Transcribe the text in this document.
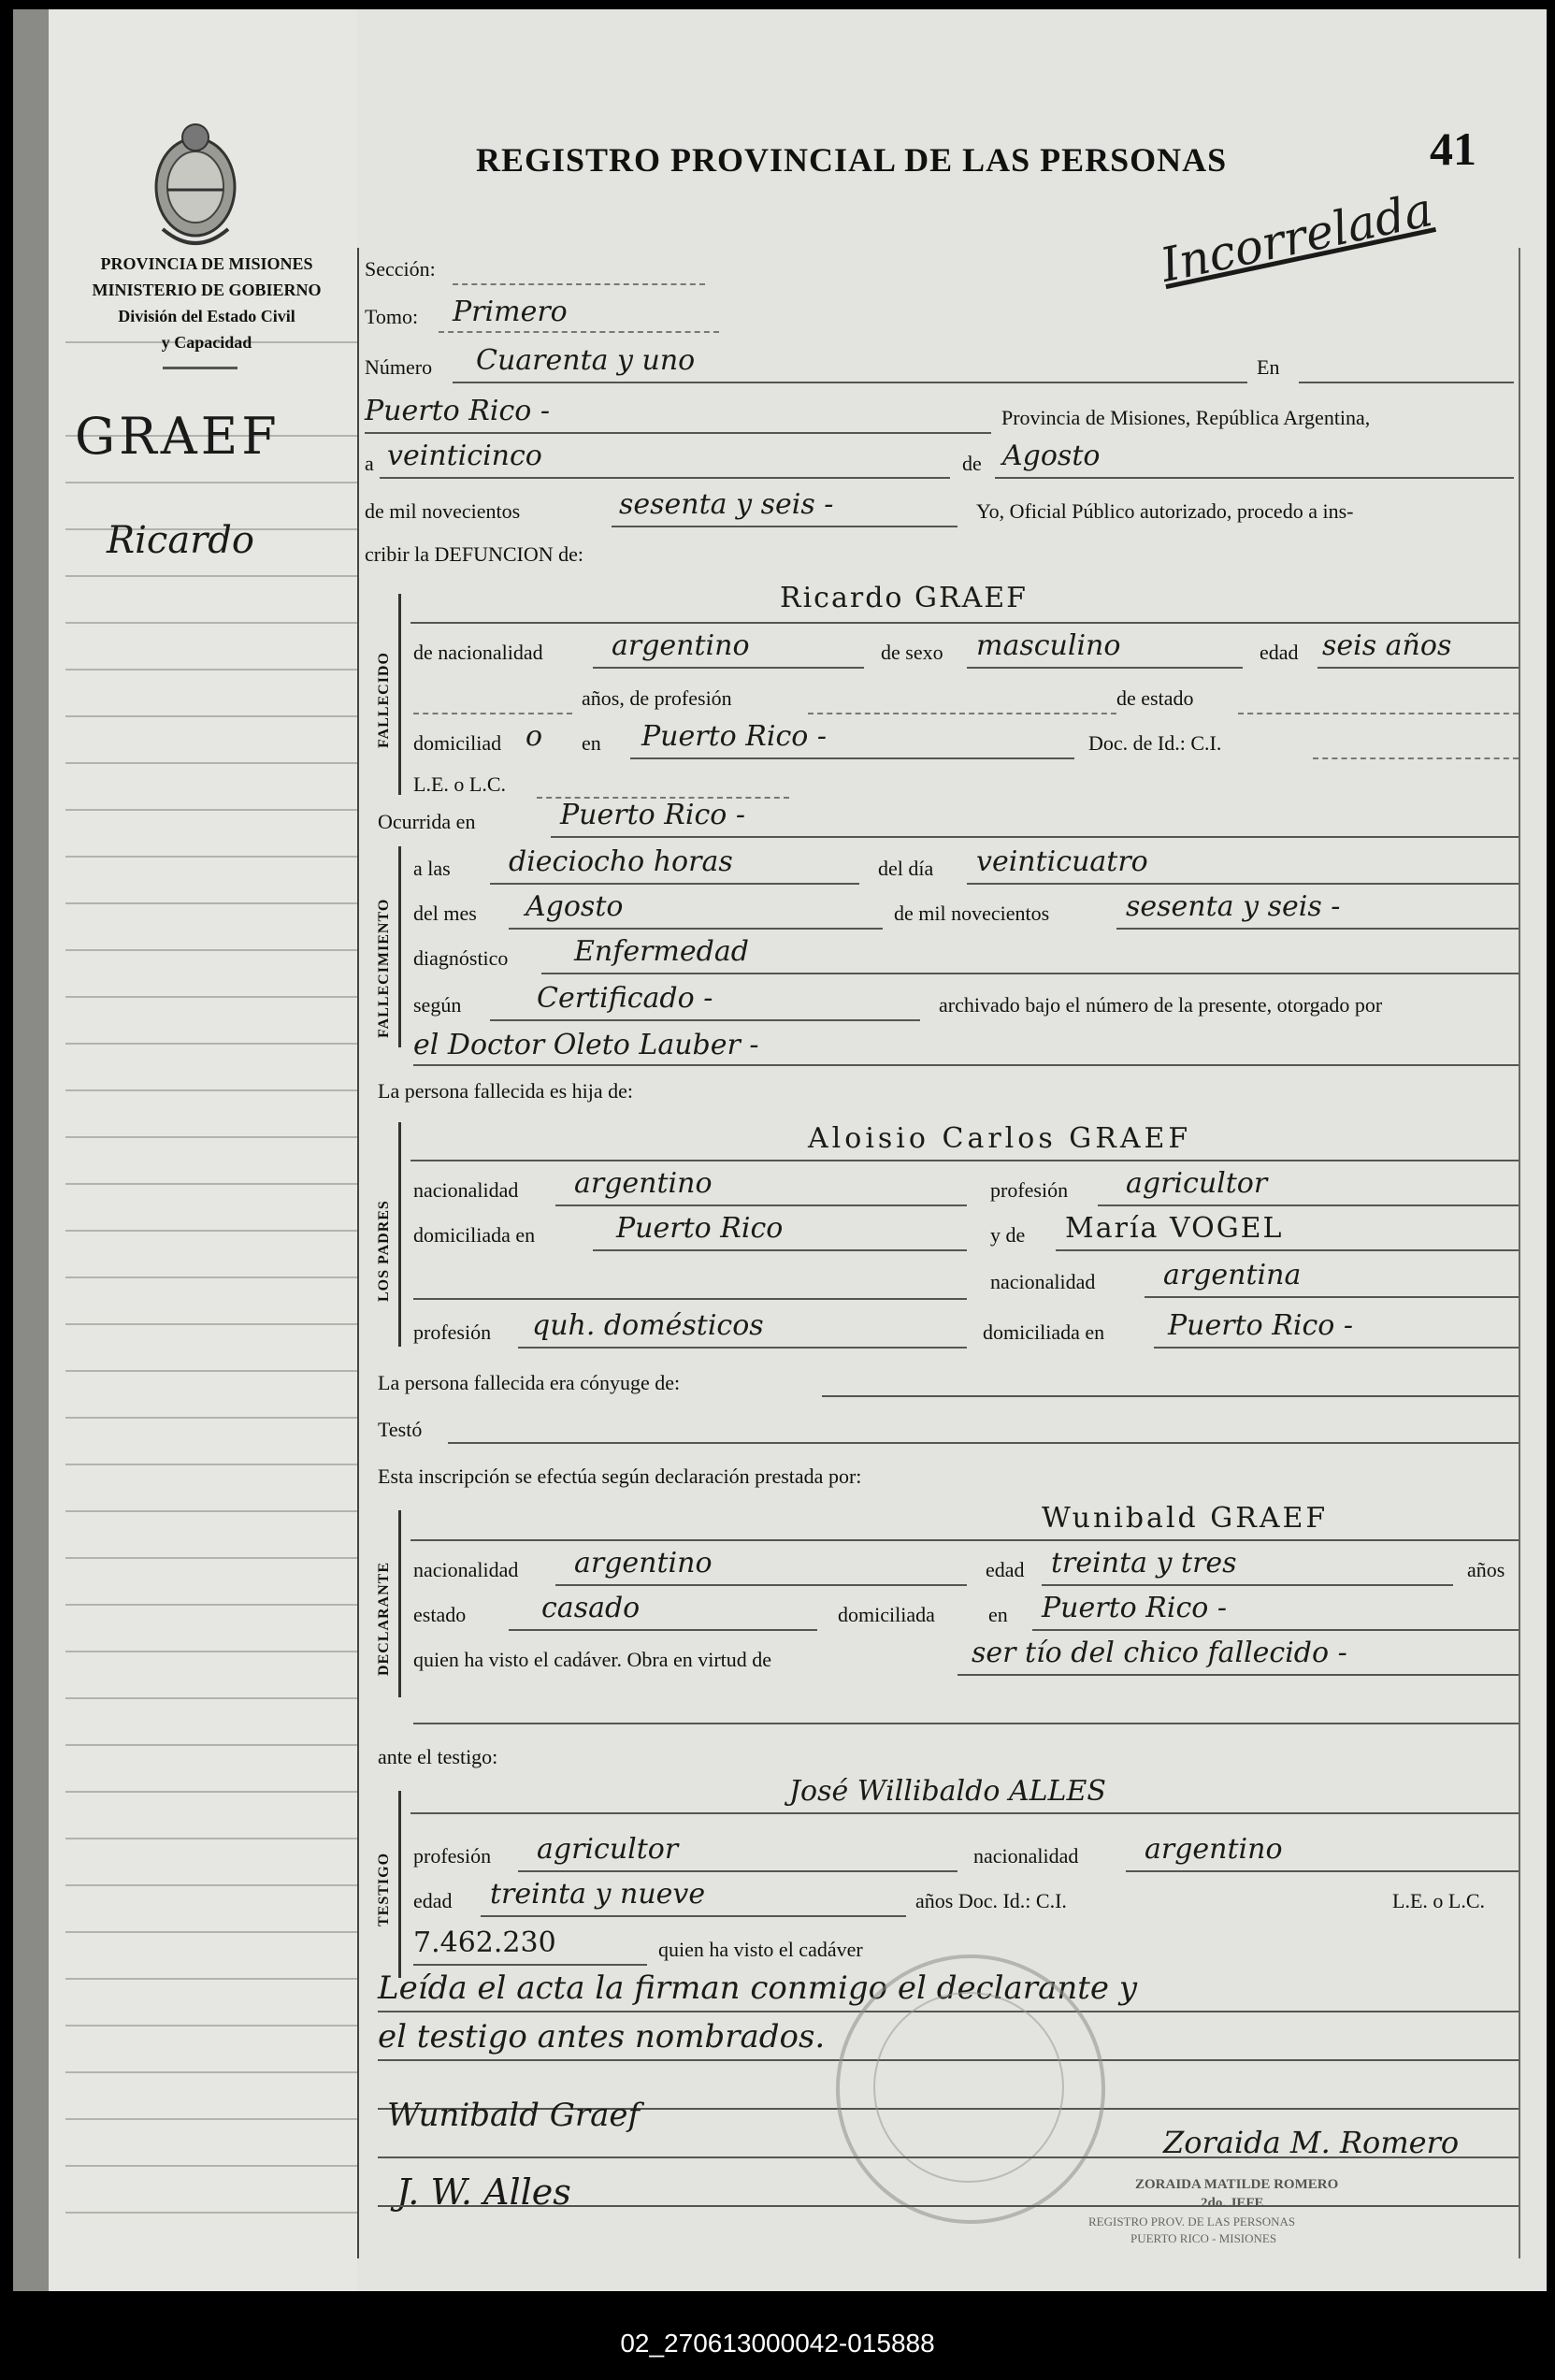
PROVINCIA DE MISIONES
MINISTERIO DE GOBIERNO
División del Estado Civil
y Capacidad
GRAEF
Ricardo
REGISTRO PROVINCIAL DE LAS PERSONAS	41
Incorrelada
Sección:
Tomo: Primero
Número Cuarenta y uno	En
Puerto Rico -	Provincia de Misiones, República Argentina,
a veinticinco	de Agosto
de mil novecientos	sesenta y seis -	Yo, Oficial Público autorizado, procedo a ins-
cribir la DEFUNCION de:
FALLECIDO
Ricardo GRAEF
de nacionalidad argentino	de sexo masculino	edad seis años
años, de profesión	de estado
domiciliad o en Puerto Rico -	Doc. de Id.: C.I.
L.E. o L.C.
Ocurrida en	Puerto Rico -
FALLECIMIENTO
a las dieciocho horas	del día veinticuatro
del mes Agosto	de mil novecientos	sesenta y seis -
diagnóstico Enfermedad
según	Certificado -	archivado bajo el número de la presente, otorgado por
el Doctor Oleto Lauber -
La persona fallecida es hija de:
LOS PADRES
Aloisio Carlos GRAEF
nacionalidad argentino	profesión agricultor
domiciliada en	Puerto Rico	y de María VOGEL
nacionalidad argentina
profesión quh. domésticos	domiciliada en Puerto Rico -
La persona fallecida era cónyuge de:
Testó
Esta inscripción se efectúa según declaración prestada por:
DECLARANTE
Wunibald GRAEF
nacionalidad argentino	edad treinta y tres	años
estado	casado	domiciliada	en Puerto Rico -
quien ha visto el cadáver. Obra en virtud de	ser tío del chico fallecido -
ante el testigo:
TESTIGO
José Willibaldo ALLES
profesión agricultor	nacionalidad argentino
edad treinta y nueve	años Doc. Id.: C.I.	L.E. o L.C.
7.462.230	quien ha visto el cadáver
Leída el acta la firman conmigo el declarante y
el testigo antes nombrados.
Wunibald Graef
Zoraida M. Romero
J. W. Alles	ZORAIDA MATILDE ROMERO
2do. JEFE
REGISTRO PROV. DE LAS PERSONAS
PUERTO RICO - MISIONES
02_270613000042-015888
